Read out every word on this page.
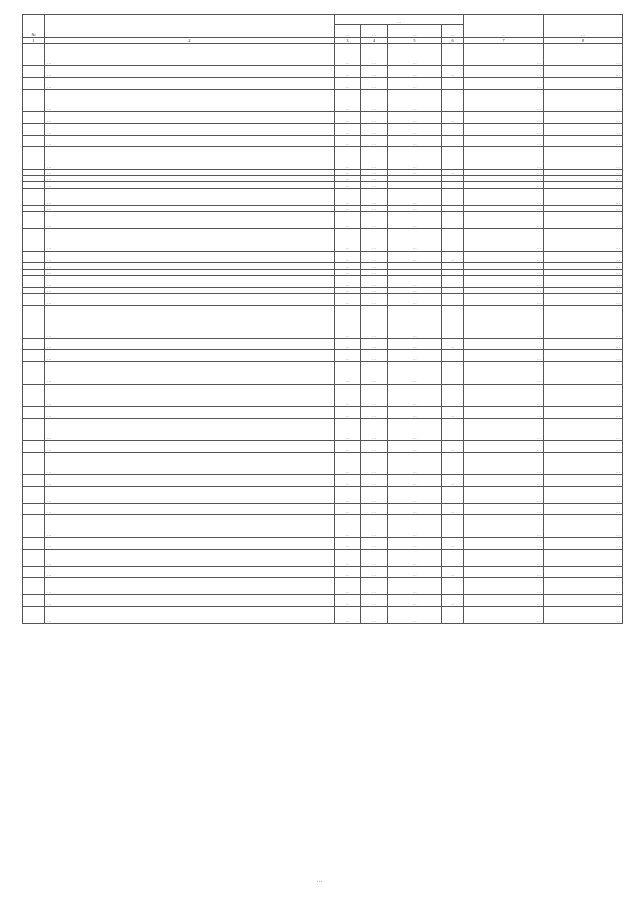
№		…				…	…
		…	…	…	…		
1	2	3	4	5	6	7	8
	…	…	…	…		…	…
	…	…	…	…	…	…	…
	…	…	…	…		…	…
	…	…	…	…		…	…
	…	…	…	…	…	…	…
	…	…	…	…		…	…
	…	…	…	…		…	…
	…	…	…	…		…	…
	…	…	…	…	…	…	…
	…	…	…			…	…
	…	…	…			…	…
	…	…	…	…		…	…
	…	…	…	…		…	…
	…	…	…	…		…	…
	…	…	…	…		…	…
	…	…	…	…	…	…	…
	…	…	…			…	…
	…	…	…			…	…
	…	…	…	…		…	…
	…	…	…	…		…	…
	…	…	…	…		…	…
	…	…	…	…		…	…
	…	…	…	…	…	…	…
	…	…	…	…		…	…
	…	…	…	…		…	…
	…	…	…	…		…	…
	…	…	…	…	…	…	…
	…	…	…	…		…	…
	…	…	…	…	…	…	…
	…	…	…	…		…	…
	…	…	…	…	…	…	…
	…	…	…	…		…	…
	…	…	…	…	…	…	…
	…	…	…	…		…	…
	…	…	…	…	…	…	…
	…	…	…	…		…	…
	…	…	…	…	…	…	…
	…	…	…	…		…	…
	…	…	…	…	…	…	…
	…	…	…	…		…	…
…
